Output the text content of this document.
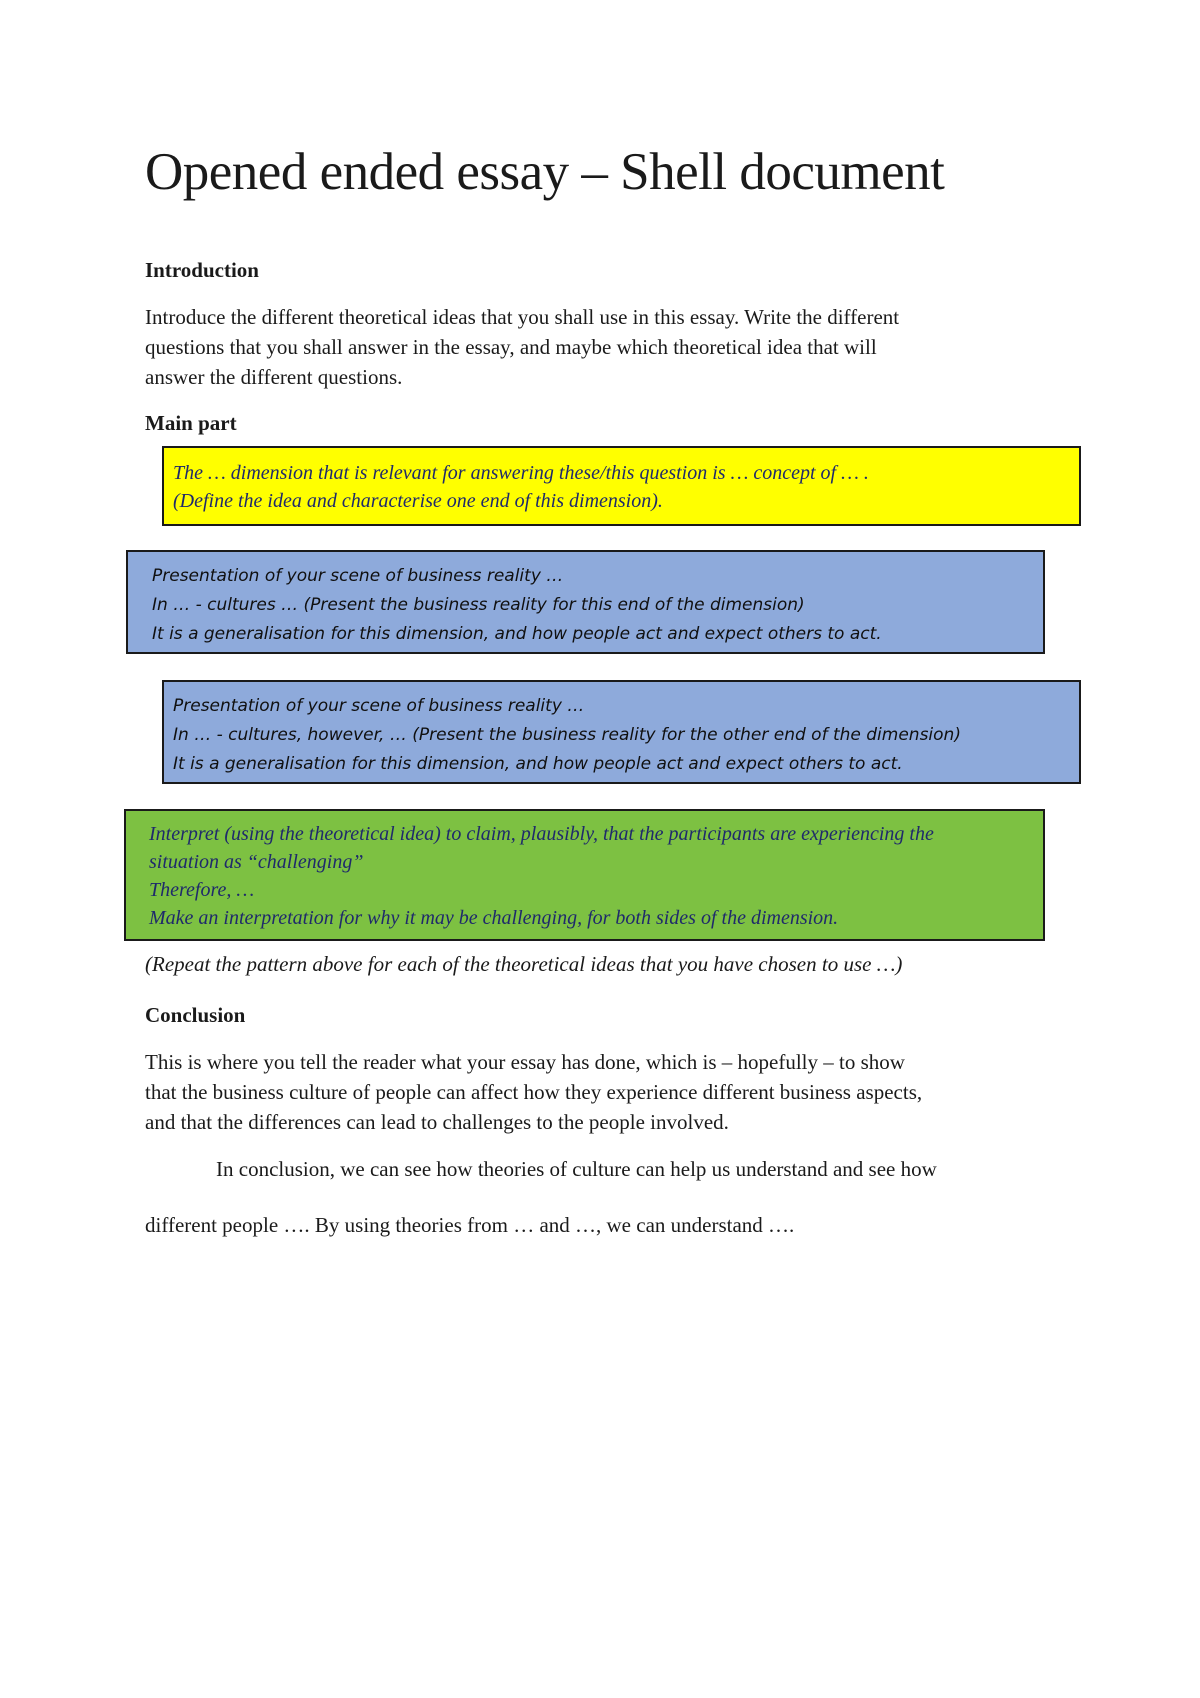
Opened ended essay – Shell document
Introduction
Introduce the different theoretical ideas that you shall use in this essay. Write the different
questions that you shall answer in the essay, and maybe which theoretical idea that will
answer the different questions.
Main part
The … dimension that is relevant for answering these/this question is … concept of … .
(Define the idea and characterise one end of this dimension).
Presentation of your scene of business reality …
In … - cultures … (Present the business reality for this end of the dimension)
It is a generalisation for this dimension, and how people act and expect others to act.
Presentation of your scene of business reality …
In … - cultures, however, … (Present the business reality for the other end of the dimension)
It is a generalisation for this dimension, and how people act and expect others to act.
Interpret (using the theoretical idea) to claim, plausibly, that the participants are experiencing the
situation as “challenging”
Therefore, …
Make an interpretation for why it may be challenging, for both sides of the dimension.

(Repeat the pattern above for each of the theoretical ideas that you have chosen to use …)

Conclusion
This is where you tell the reader what your essay has done, which is – hopefully – to show
that the business culture of people can affect how they experience different business aspects,
and that the differences can lead to challenges to the people involved.

In conclusion, we can see how theories of culture can help us understand and see how

different people …. By using theories from … and …, we can understand ….
